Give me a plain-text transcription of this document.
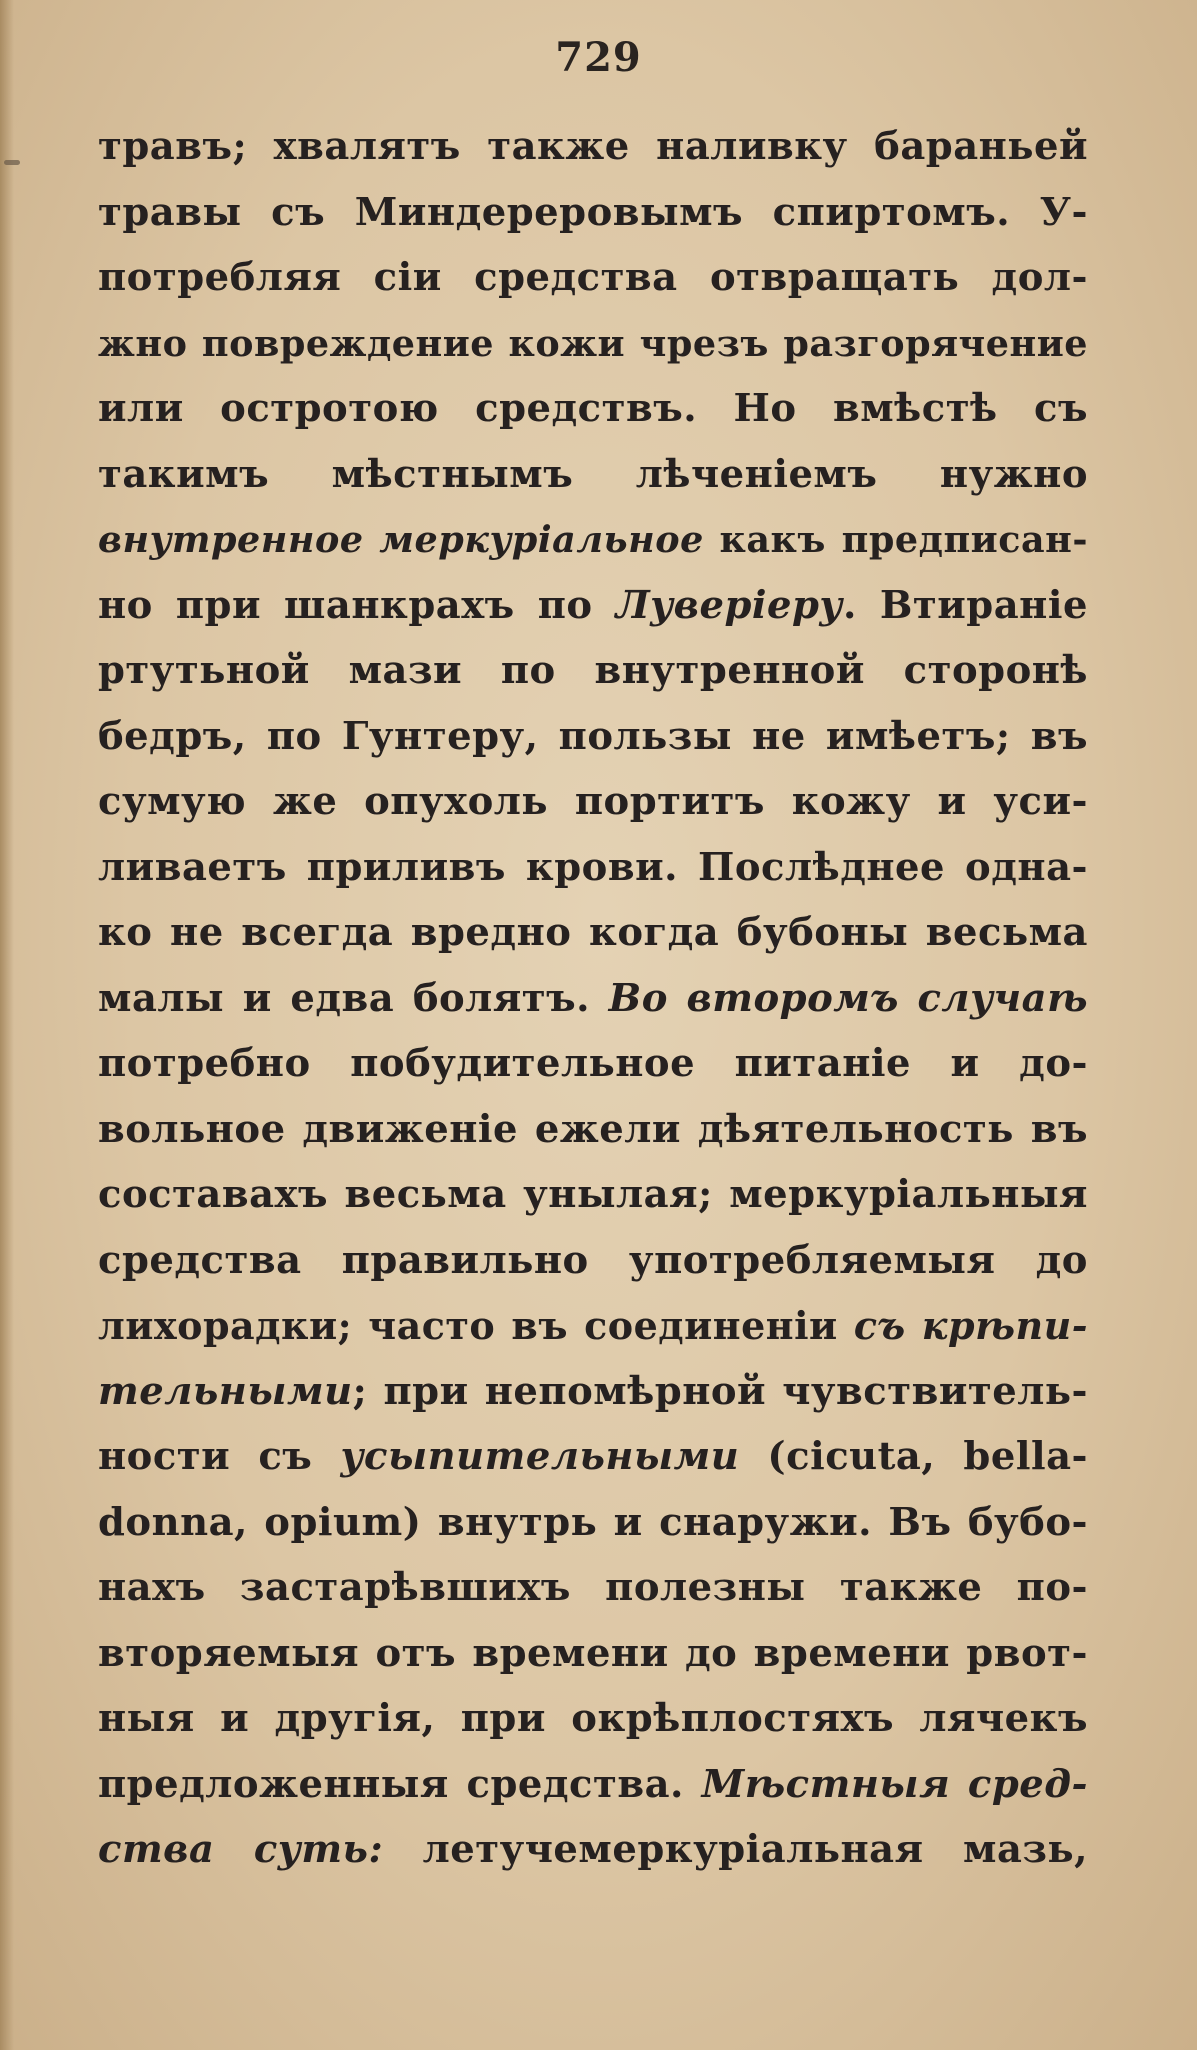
729
травъ; хвалятъ также наливку бараньей
травы съ Миндереровымъ спиртомъ. У-
потребляя сіи средства отвращать дол-
жно повреждение кожи чрезъ разгорячение
или остротою средствъ. Но вмѣстѣ съ
такимъ мѣстнымъ лѣченіемъ нужно
внутренное меркуріальное какъ предписан-
но при шанкрахъ по Луверіеру. Втираніе
ртутьной мази по внутренной сторонѣ
бедръ, по Гунтеру, пользы не имѣетъ; въ
сумую же опухоль портитъ кожу и уси-
ливаетъ приливъ крови. Послѣднее одна-
ко не всегда вредно когда бубоны весьма
малы и едва болятъ. Во второмъ случаѣ
потребно побудительное питаніе и до-
вольное движеніе ежели дѣятельность въ
составахъ весьма унылая; меркуріальныя
средства правильно употребляемыя до
лихорадки; часто въ соединеніи съ крѣпи-
тельными; при непомѣрной чувствитель-
ности съ усыпительными (cicuta, bella-
donna, opium) внутрь и снаружи. Въ бубо-
нахъ застарѣвшихъ полезны также по-
вторяемыя отъ времени до времени рвот-
ныя и другія, при окрѣплостяхъ лячекъ
предложенныя средства. Мѣстныя сред-
ства суть: летучемеркуріальная мазь,
